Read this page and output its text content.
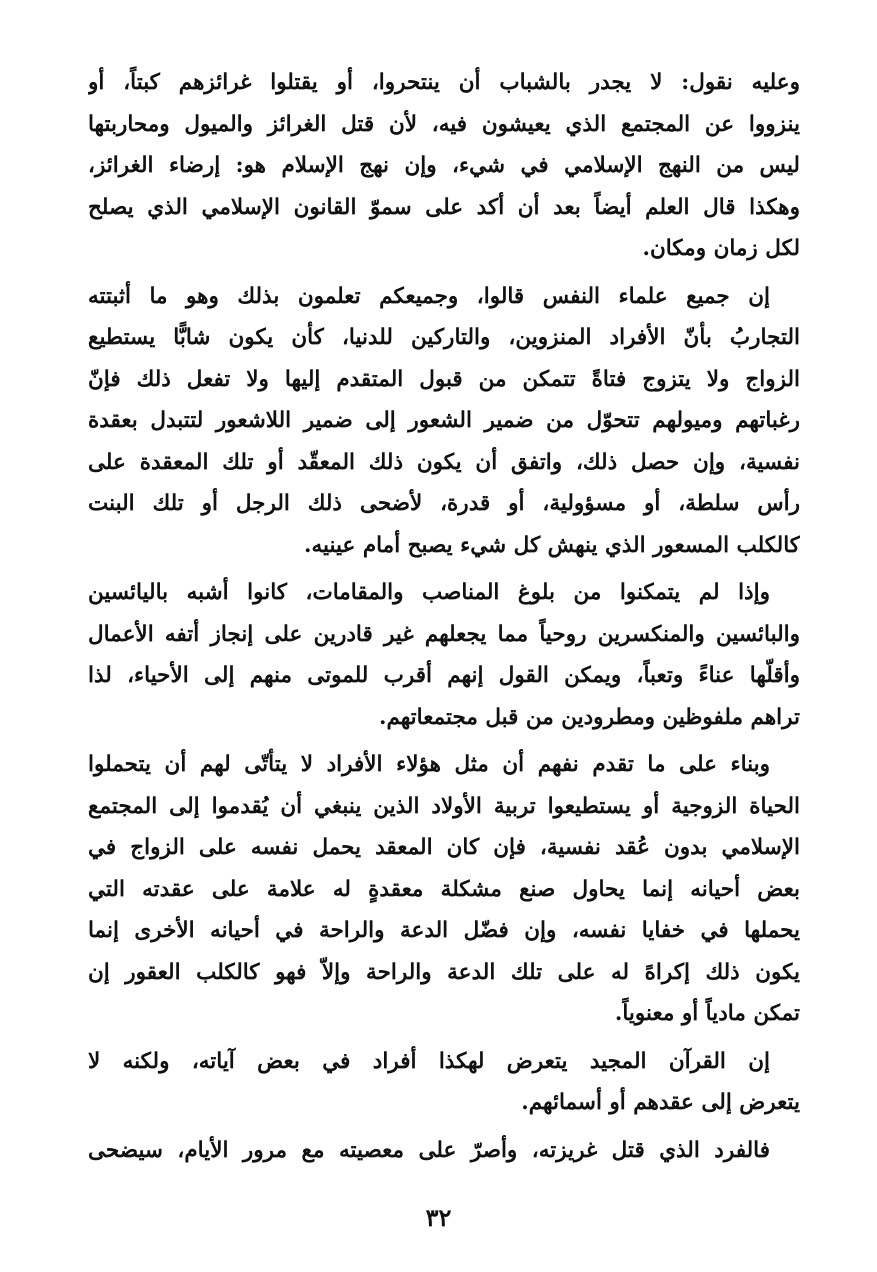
وعليه نقول: لا يجدر بالشباب أن ينتحروا، أو يقتلوا غرائزهم كبتاً، أو
ينزووا عن المجتمع الذي يعيشون فيه، لأن قتل الغرائز والميول ومحاربتها
ليس من النهج الإسلامي في شيء، وإن نهج الإسلام هو: إرضاء الغرائز،
وهكذا قال العلم أيضاً بعد أن أكد على سموّ القانون الإسلامي الذي يصلح
لكل زمان ومكان.
إن جميع علماء النفس قالوا، وجميعكم تعلمون بذلك وهو ما أثبتته
التجاربُ بأنّ الأفراد المنزوين، والتاركين للدنيا، كأن يكون شابًّا يستطيع
الزواج ولا يتزوج فتاةً تتمكن من قبول المتقدم إليها ولا تفعل ذلك فإنّ
رغباتهم وميولهم تتحوّل من ضمير الشعور إلى ضمير اللاشعور لتتبدل بعقدة
نفسية، وإن حصل ذلك، واتفق أن يكون ذلك المعقّد أو تلك المعقدة على
رأس سلطة، أو مسؤولية، أو قدرة، لأضحى ذلك الرجل أو تلك البنت
كالكلب المسعور الذي ينهش كل شيء يصبح أمام عينيه.
وإذا لم يتمكنوا من بلوغ المناصب والمقامات، كانوا أشبه باليائسين
والبائسين والمنكسرين روحياً مما يجعلهم غير قادرين على إنجاز أتفه الأعمال
وأقلّها عناءً وتعباً، ويمكن القول إنهم أقرب للموتى منهم إلى الأحياء، لذا
تراهم ملفوظين ومطرودين من قبل مجتمعاتهم.
وبناء على ما تقدم نفهم أن مثل هؤلاء الأفراد لا يتأتّى لهم أن يتحملوا
الحياة الزوجية أو يستطيعوا تربية الأولاد الذين ينبغي أن يُقدموا إلى المجتمع
الإسلامي بدون عُقد نفسية، فإن كان المعقد يحمل نفسه على الزواج في
بعض أحيانه إنما يحاول صنع مشكلة معقدةٍ له علامة على عقدته التي
يحملها في خفايا نفسه، وإن فضّل الدعة والراحة في أحيانه الأخرى إنما
يكون ذلك إكراهً له على تلك الدعة والراحة وإلاّ فهو كالكلب العقور إن
تمكن مادياً أو معنوياً.
إن القرآن المجيد يتعرض لهكذا أفراد في بعض آياته، ولكنه لا
يتعرض إلى عقدهم أو أسمائهم.
فالفرد الذي قتل غريزته، وأصرّ على معصيته مع مرور الأيام، سيضحى
٣٢
